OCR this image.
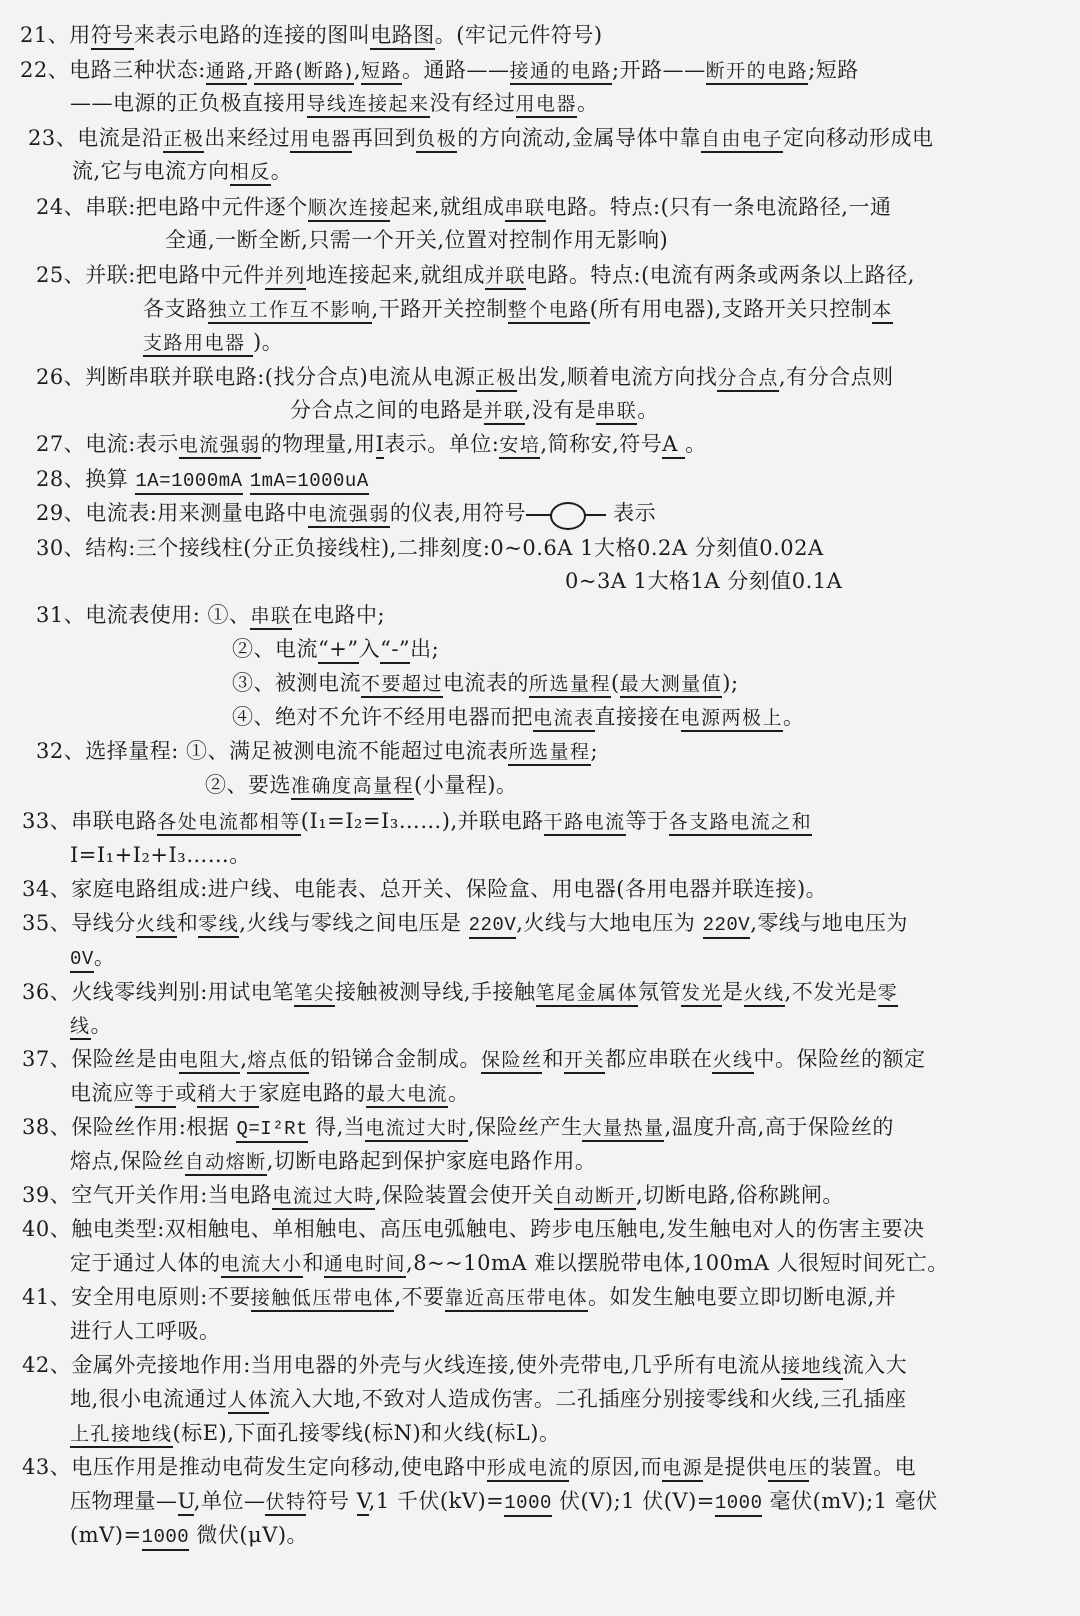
21、用符号来表示电路的连接的图叫电路图。(牢记元件符号)
22、电路三种状态:通路,开路(断路),短路。通路——接通的电路;开路——断开的电路;短路
——电源的正负极直接用导线连接起来没有经过用电器。
23、电流是沿正极出来经过用电器再回到负极的方向流动,金属导体中靠自由电子定向移动形成电
流,它与电流方向相反。
24、串联:把电路中元件逐个顺次连接起来,就组成串联电路。特点:(只有一条电流路径,一通
全通,一断全断,只需一个开关,位置对控制作用无影响)
25、并联:把电路中元件并列地连接起来,就组成并联电路。特点:(电流有两条或两条以上路径,
各支路独立工作互不影响,干路开关控制整个电路(所有用电器),支路开关只控制本
支路用电器 )。
26、判断串联并联电路:(找分合点)电流从电源正极出发,顺着电流方向找分合点,有分合点则
分合点之间的电路是并联,没有是串联。
27、电流:表示电流强弱的物理量,用I表示。单位:安培,简称安,符号A 。
28、换算 1A=1000mA 1mA=1000uA
29、电流表:用来测量电路中电流强弱的仪表,用符号	表示
30、结构:三个接线柱(分正负接线柱),二排刻度:0~0.6A 1大格0.2A 分刻值0.02A
0~3A 1大格1A 分刻值0.1A
31、电流表使用: ①、串联在电路中;
②、电流“+”入“-”出;
③、被测电流不要超过电流表的所选量程(最大测量值);
④、绝对不允许不经用电器而把电流表直接接在电源两极上。
32、选择量程: ①、满足被测电流不能超过电流表所选量程;
②、要选准确度高量程(小量程)。
33、串联电路各处电流都相等(I₁=I₂=I₃……),并联电路干路电流等于各支路电流之和
I=I₁+I₂+I₃……。
34、家庭电路组成:进户线、电能表、总开关、保险盒、用电器(各用电器并联连接)。
35、导线分火线和零线,火线与零线之间电压是 220V,火线与大地电压为 220V,零线与地电压为
0V。
36、火线零线判别:用试电笔笔尖接触被测导线,手接触笔尾金属体氖管发光是火线,不发光是零
线。
37、保险丝是由电阻大,熔点低的铅锑合金制成。保险丝和开关都应串联在火线中。保险丝的额定
电流应等于或稍大于家庭电路的最大电流。
38、保险丝作用:根据 Q=I²Rt 得,当电流过大时,保险丝产生大量热量,温度升高,高于保险丝的
熔点,保险丝自动熔断,切断电路起到保护家庭电路作用。
39、空气开关作用:当电路电流过大時,保险装置会使开关自动断开,切断电路,俗称跳闸。
40、触电类型:双相触电、单相触电、高压电弧触电、跨步电压触电,发生触电对人的伤害主要决
定于通过人体的电流大小和通电时间,8~~10mA 难以摆脱带电体,100mA 人很短时间死亡。
41、安全用电原则:不要接触低压带电体,不要靠近高压带电体。如发生触电要立即切断电源,并
进行人工呼吸。
42、金属外壳接地作用:当用电器的外壳与火线连接,使外壳带电,几乎所有电流从接地线流入大
地,很小电流通过人体流入大地,不致对人造成伤害。二孔插座分别接零线和火线,三孔插座
上孔接地线(标E),下面孔接零线(标N)和火线(标L)。
43、电压作用是推动电荷发生定向移动,使电路中形成电流的原因,而电源是提供电压的装置。电
压物理量—U,单位—伏特符号 V,1 千伏(kV)=1000 伏(V);1 伏(V)=1000 毫伏(mV);1 毫伏
(mV)=1000 微伏(μV)。
